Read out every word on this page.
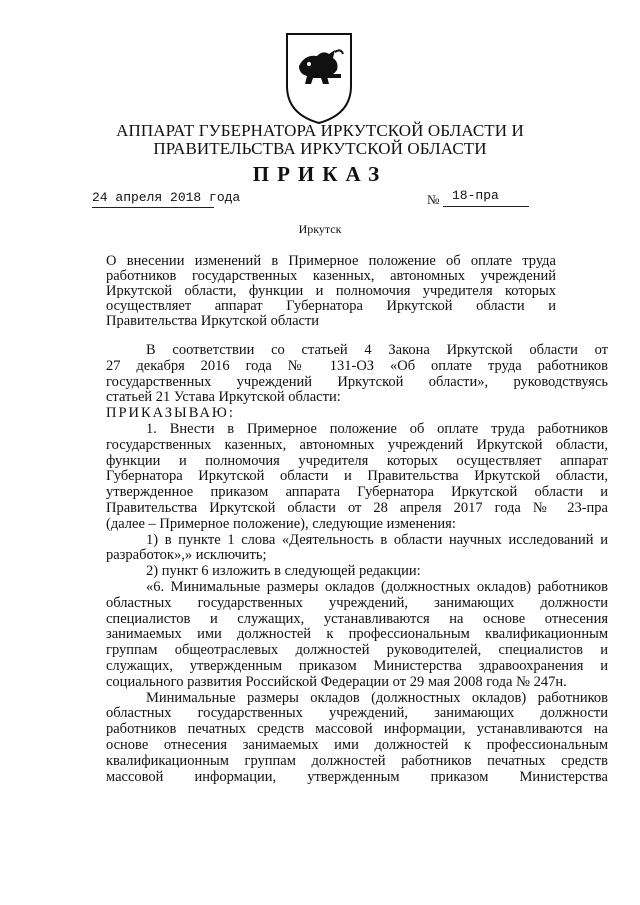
АППАРАТ ГУБЕРНАТОРА ИРКУТСКОЙ ОБЛАСТИ И
ПРАВИТЕЛЬСТВА ИРКУТСКОЙ ОБЛАСТИ
ПРИКАЗ
24 апреля 2018 года	№ 18-пра
Иркутск

О внесении изменений в Примерное положение об оплате труда

работников государственных казенных, автономных учреждений

Иркутской области, функции и полномочия учредителя которых

осуществляет аппарат Губернатора Иркутской области и

Правительства Иркутской области

В соответствии со статьей 4 Закона Иркутской области от

27 декабря 2016 года № 131-ОЗ «Об оплате труда работников

государственных учреждений Иркутской области», руководствуясь

статьей 21 Устава Иркутской области:

ПРИКАЗЫВАЮ:

1. Внести в Примерное положение об оплате труда работников

государственных казенных, автономных учреждений Иркутской области,

функции и полномочия учредителя которых осуществляет аппарат

Губернатора Иркутской области и Правительства Иркутской области,

утвержденное приказом аппарата Губернатора Иркутской области и

Правительства Иркутской области от 28 апреля 2017 года № 23-пра

(далее – Примерное положение), следующие изменения:

1) в пункте 1 слова «Деятельность в области научных исследований и

разработок»,» исключить;

2) пункт 6 изложить в следующей редакции:

«6. Минимальные размеры окладов (должностных окладов) работников

областных государственных учреждений, занимающих должности

специалистов и служащих, устанавливаются на основе отнесения

занимаемых ими должностей к профессиональным квалификационным

группам общеотраслевых должностей руководителей, специалистов и

служащих, утвержденным приказом Министерства здравоохранения и

социального развития Российской Федерации от 29 мая 2008 года № 247н.

Минимальные размеры окладов (должностных окладов) работников

областных государственных учреждений, занимающих должности

работников печатных средств массовой информации, устанавливаются на

основе отнесения занимаемых ими должностей к профессиональным

квалификационным группам должностей работников печатных средств

массовой информации, утвержденным приказом Министерства
